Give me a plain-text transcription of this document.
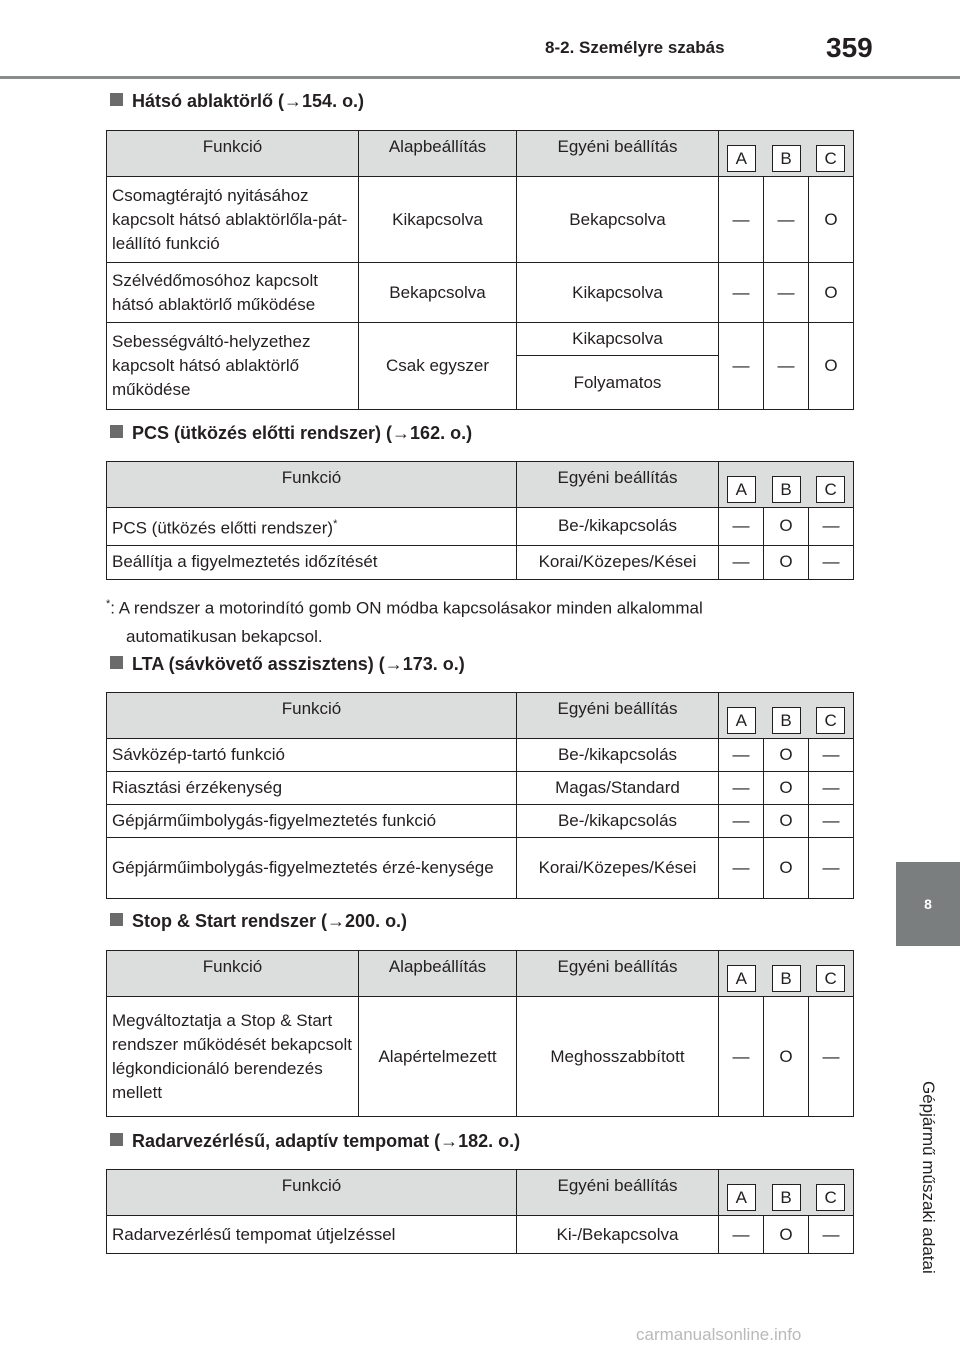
8-2. Személyre szabás	359
8
Gépjármű műszaki adatai
Hátsó ablaktörlő (→154. o.)
Funkció	Alapbeállítás	Egyéni beállítás	A B C		

Csomagtérajtó nyitásához kapcsolt hátsó ablaktörlőla-pát-leállító funkció	Kikapcsolva	Bekapcsolva	—	—	O
Szélvédőmosóhoz kapcsolt hátsó ablaktörlő működése	Bekapcsolva	Kikapcsolva	—	—	O
Sebességváltó-helyzethez kapcsolt hátsó ablaktörlő működése	Csak egyszer	Kikapcsolva	—	—	O
		Folyamatos			
PCS (ütközés előtti rendszer) (→162. o.)
Funkció	Egyéni beállítás	A B C		

PCS (ütközés előtti rendszer)*	Be-/kikapcsolás	—	O	—
Beállítja a figyelmeztetés időzítését	Korai/Közepes/Kései	—	O	—
*: A rendszer a motorindító gomb ON módba kapcsolásakor minden alkalommal
automatikusan bekapcsol.
LTA (sávkövető asszisztens) (→173. o.)
Funkció	Egyéni beállítás	A B C		

Sávközép-tartó funkció	Be-/kikapcsolás	—	O	—
Riasztási érzékenység	Magas/Standard	—	O	—
Gépjárműimbolygás-figyelmeztetés funkció	Be-/kikapcsolás	—	O	—
Gépjárműimbolygás-figyelmeztetés érzé-kenysége	Korai/Közepes/Kései	—	O	—
Stop & Start rendszer (→200. o.)
Funkció	Alapbeállítás	Egyéni beállítás	A B C		

Megváltoztatja a Stop & Start rendszer működését bekapcsolt légkondicionáló berendezés mellett	Alapértelmezett	Meghosszabbított	—	O	—
Radarvezérlésű, adaptív tempomat (→182. o.)
Funkció	Egyéni beállítás	A B C		

Radarvezérlésű tempomat útjelzéssel	Ki-/Bekapcsolva	—	O	—
carmanualsonline.info
